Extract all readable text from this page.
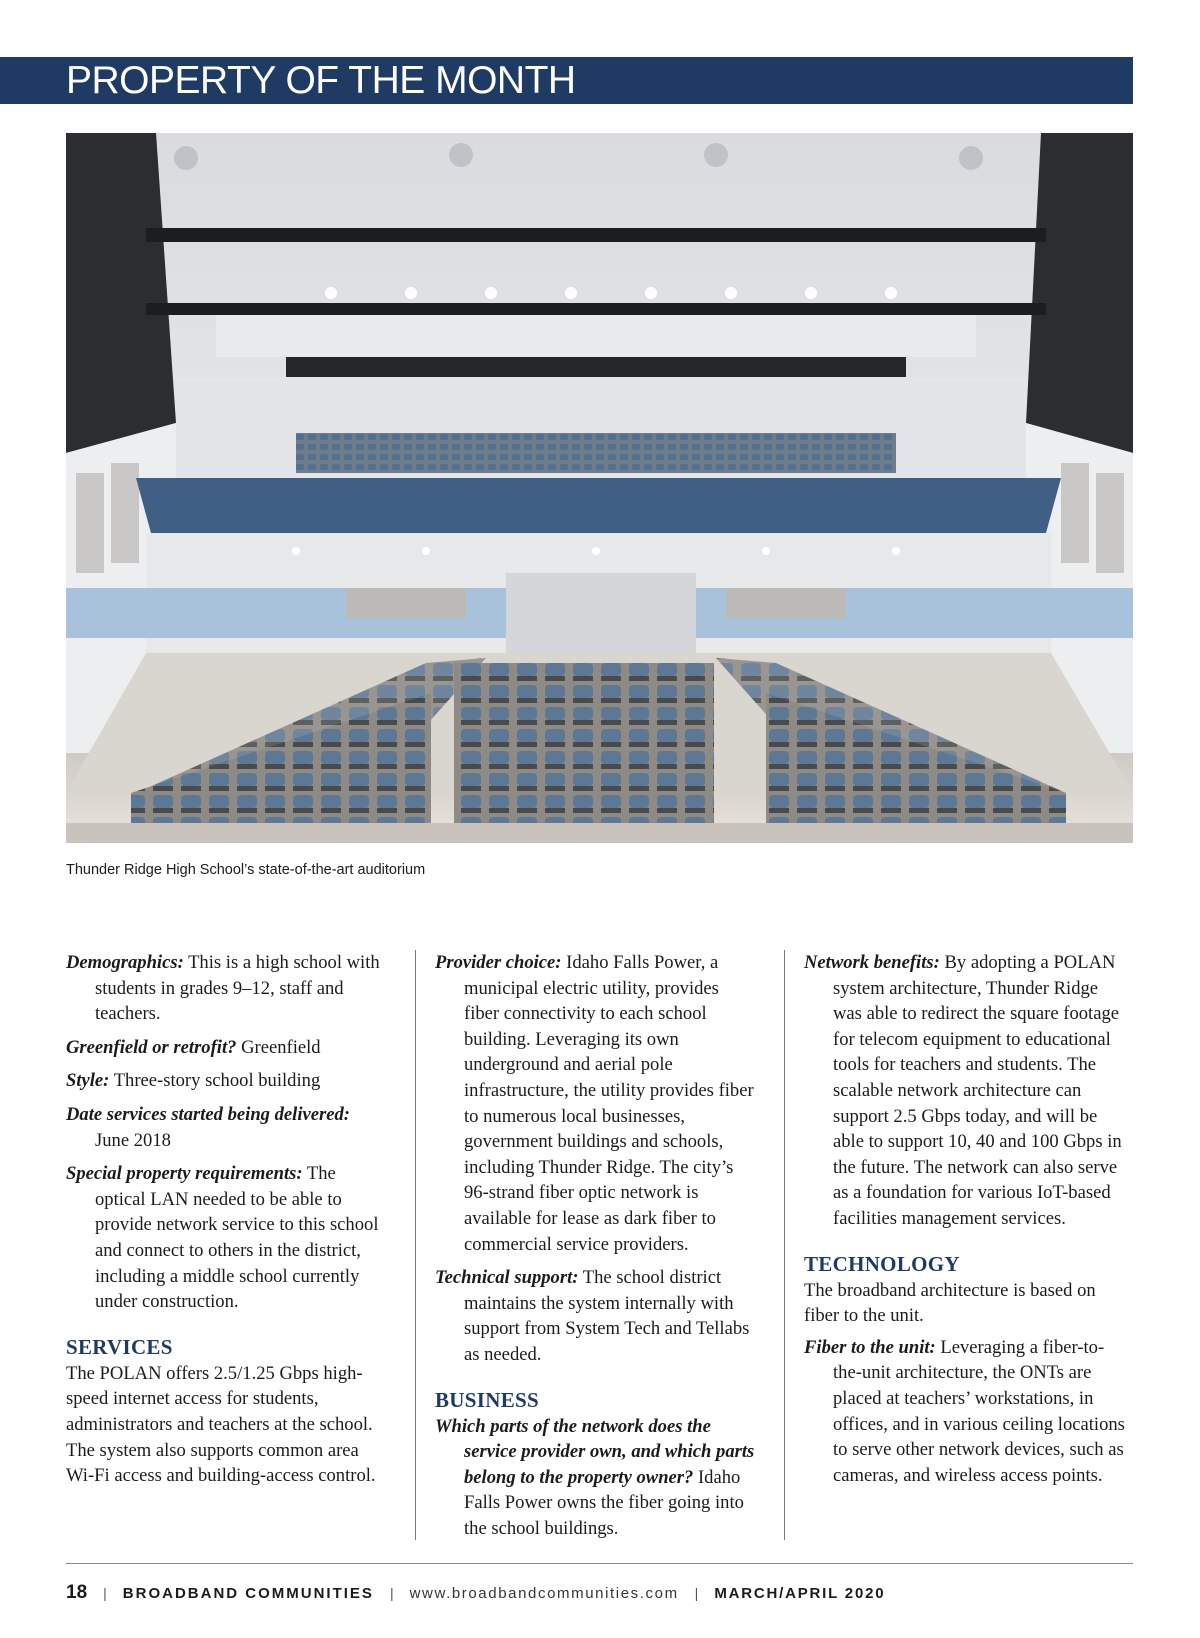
PROPERTY OF THE MONTH
Thunder Ridge High School’s state-of-the-art auditorium

Demographics: This is a high school with students in grades 9–12, staff and teachers.

Greenfield or retrofit? Greenfield

Style: Three-story school building

Date services started being delivered: June 2018

Special property requirements: The optical LAN needed to be able to provide network service to this school and connect to others in the district, including a middle school currently under construction.

SERVICES

The POLAN offers 2.5/1.25 Gbps high-speed internet access for students, administrators and teachers at the school. The system also supports common area Wi-Fi access and building-access control.

Provider choice: Idaho Falls Power, a municipal electric utility, provides fiber connectivity to each school building. Leveraging its own underground and aerial pole infrastructure, the utility provides fiber to numerous local businesses, government buildings and schools, including Thunder Ridge. The city’s 96-strand fiber optic network is available for lease as dark fiber to commercial service providers.

Technical support: The school district maintains the system internally with support from System Tech and Tellabs as needed.

BUSINESS

Which parts of the network does the service provider own, and which parts belong to the property owner? Idaho Falls Power owns the fiber going into the school buildings.

Network benefits: By adopting a POLAN system architecture, Thunder Ridge was able to redirect the square footage for telecom equipment to educational tools for teachers and students. The scalable network architecture can support 2.5 Gbps today, and will be able to support 10, 40 and 100 Gbps in the future. The network can also serve as a foundation for various IoT-based facilities management services.

TECHNOLOGY

The broadband architecture is based on fiber to the unit.

Fiber to the unit: Leveraging a fiber-to-the-unit architecture, the ONTs are placed at teachers’ workstations, in offices, and in various ceiling locations to serve other network devices, such as cameras, and wireless access points.

18 | BROADBAND COMMUNITIES | www.broadbandcommunities.com | MARCH/APRIL 2020
